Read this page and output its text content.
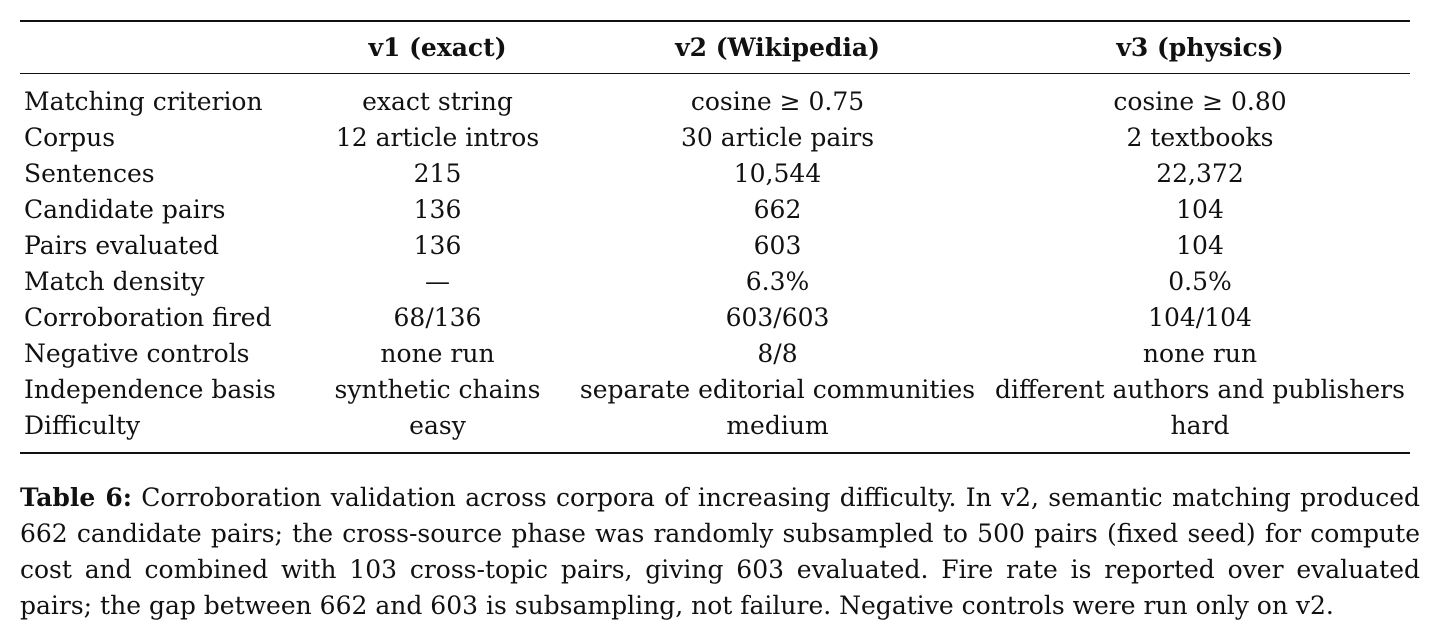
	v1 (exact)	v2 (Wikipedia)	v3 (physics)
Matching criterion	exact string	cosine ≥ 0.75	cosine ≥ 0.80
Corpus	12 article intros	30 article pairs	2 textbooks
Sentences	215	10,544	22,372
Candidate pairs	136	662	104
Pairs evaluated	136	603	104
Match density	—	6.3%	0.5%
Corroboration fired	68/136	603/603	104/104
Negative controls	none run	8/8	none run
Independence basis	synthetic chains	separate editorial communities	different authors and publishers
Difficulty	easy	medium	hard

Table 6: Corroboration validation across corpora of increasing difficulty. In v2, semantic matching produced 662 candidate pairs; the cross-source phase was randomly subsampled to 500 pairs (fixed seed) for compute cost and combined with 103 cross-topic pairs, giving 603 evaluated. Fire rate is reported over evaluated pairs; the gap between 662 and 603 is subsampling, not failure. Negative controls were run only on v2.
